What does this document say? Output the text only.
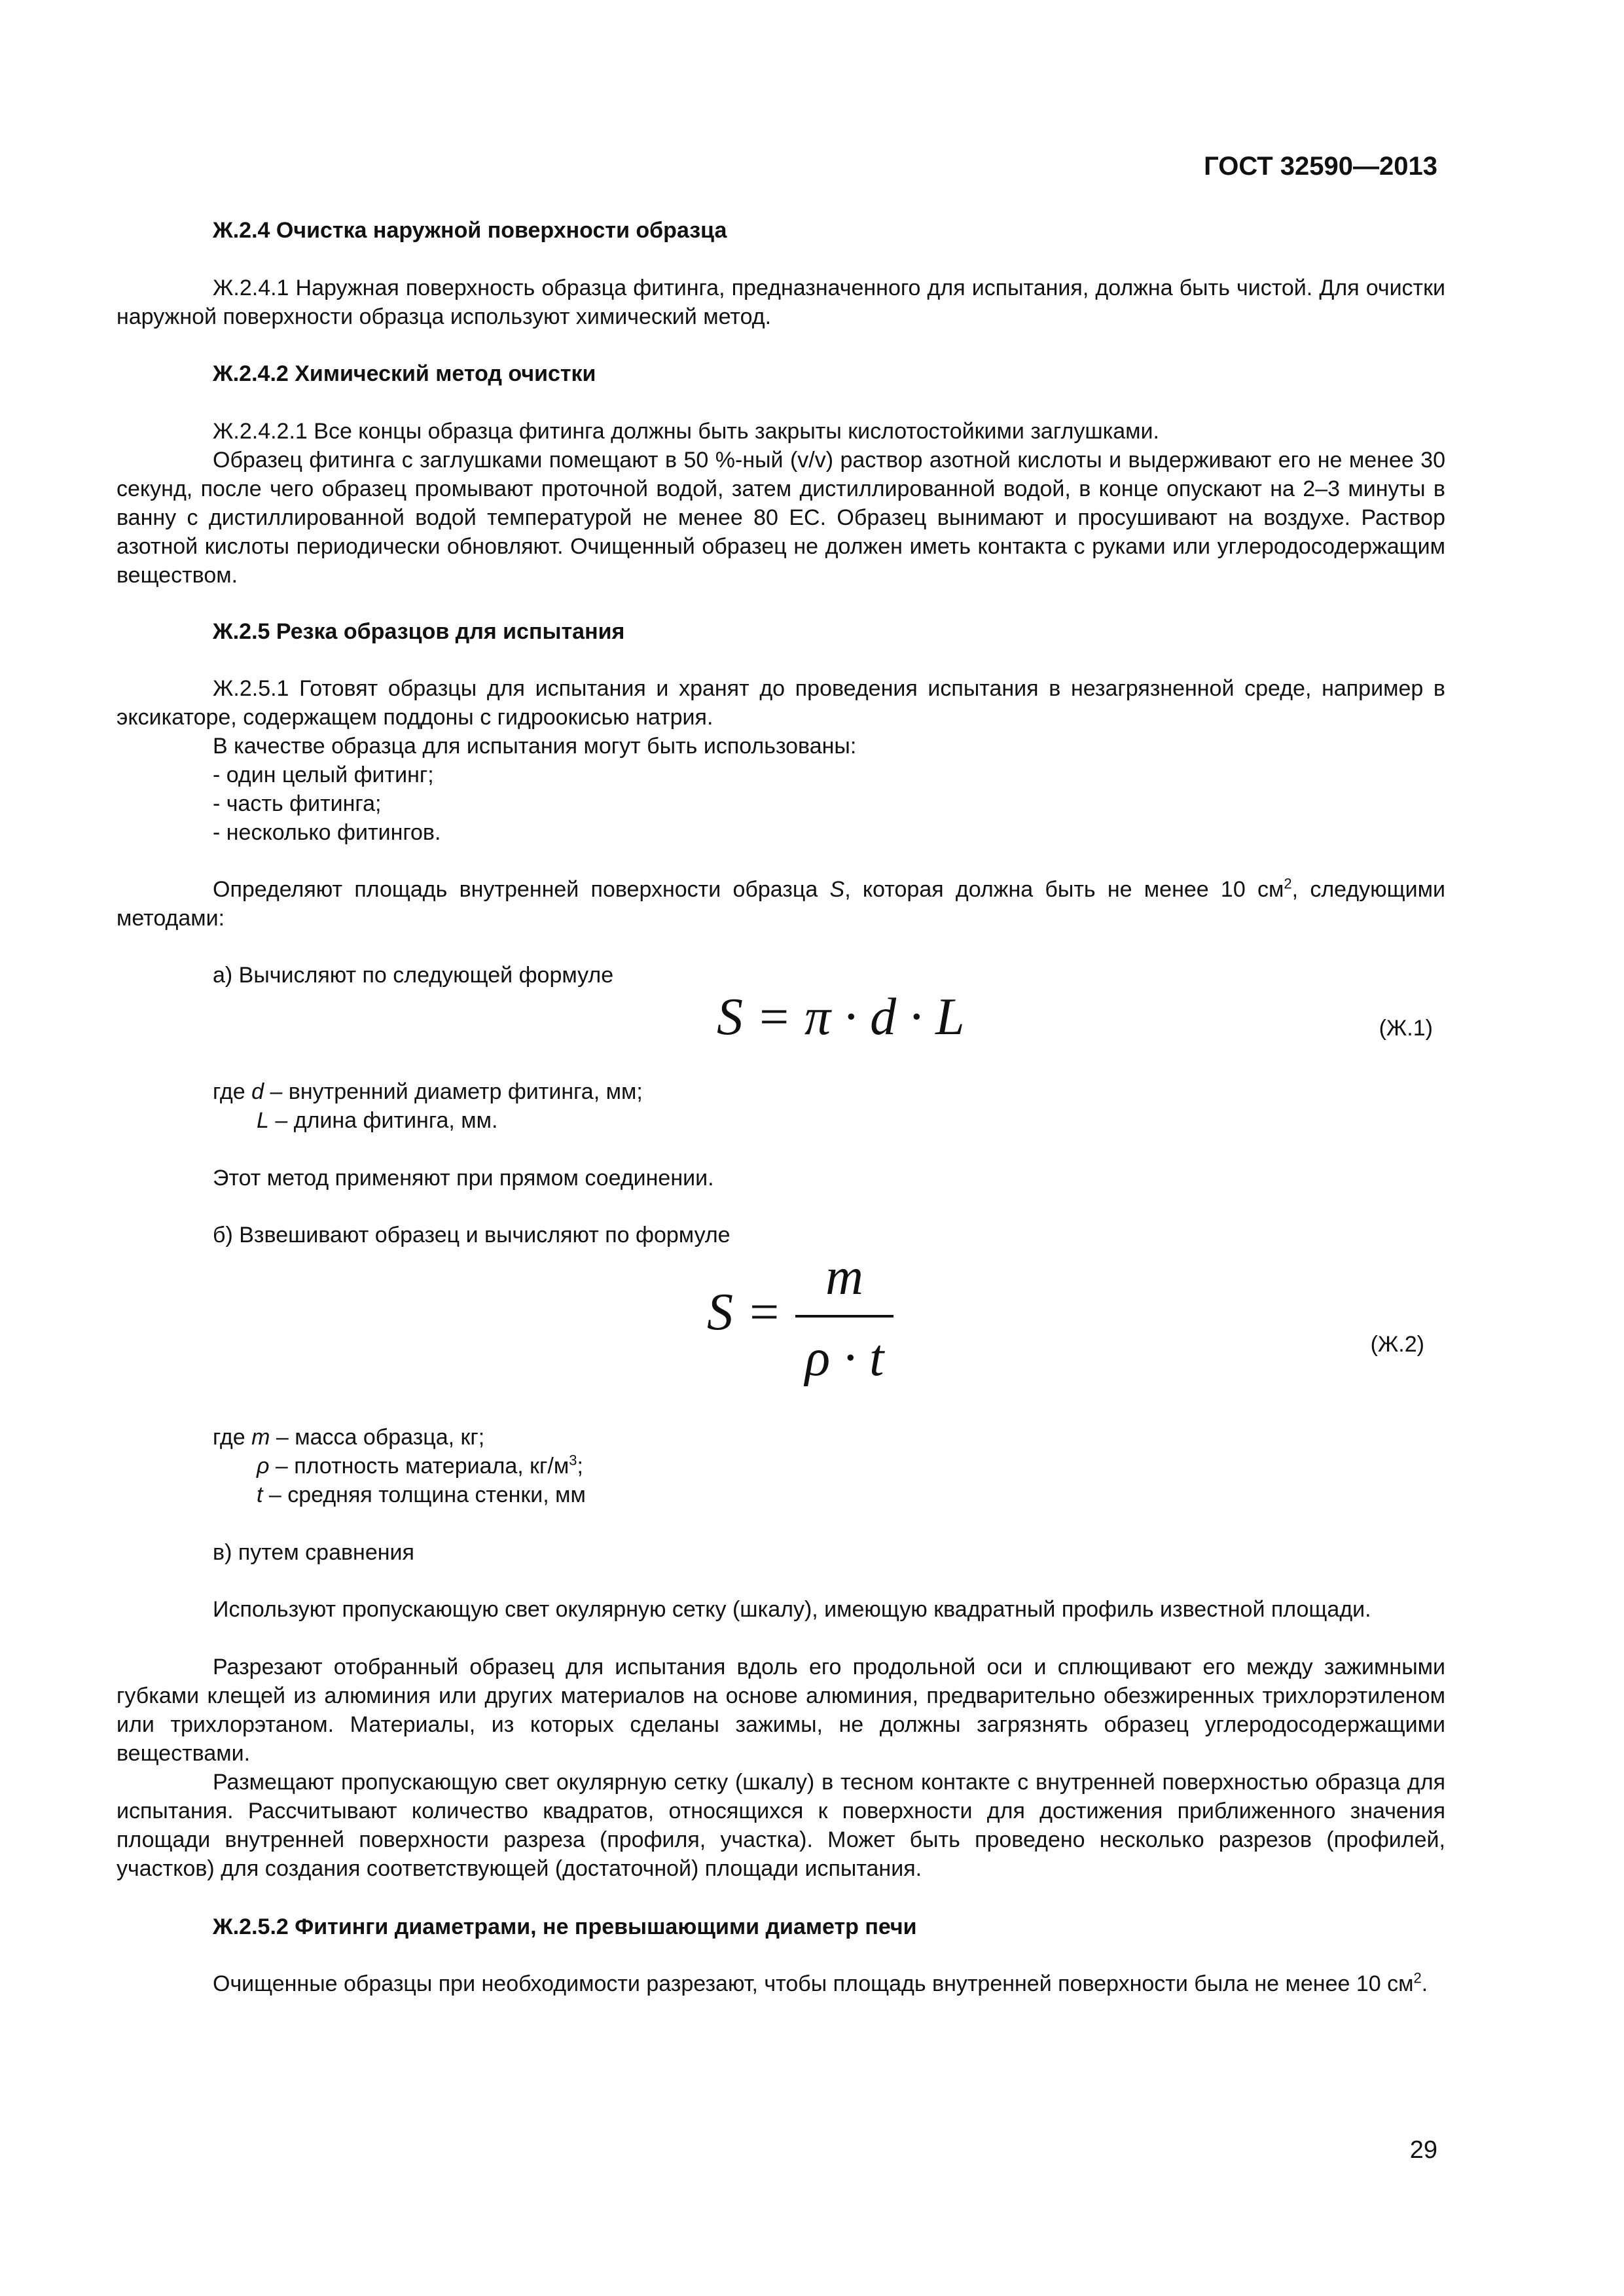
ГОСТ 32590—2013
Ж.2.4 Очистка наружной поверхности образца
Ж.2.4.1 Наружная поверхность образца фитинга, предназначенного для испытания, должна быть чистой. Для очистки наружной поверхности образца используют химический метод.
Ж.2.4.2 Химический метод очистки
Ж.2.4.2.1 Все концы образца фитинга должны быть закрыты кислотостойкими заглушками.
Образец фитинга с заглушками помещают в 50 %-ный (v/v) раствор азотной кислоты и выдерживают его не менее 30 секунд, после чего образец промывают проточной водой, затем дистиллированной водой, в конце опускают на 2–3 минуты в ванну с дистиллированной водой температурой не менее 80 ЕС. Образец вынимают и просушивают на воздухе. Раствор азотной кислоты периодически обновляют. Очищенный образец не должен иметь контакта с руками или углеродосодержащим веществом.
Ж.2.5 Резка образцов для испытания
Ж.2.5.1 Готовят образцы для испытания и хранят до проведения испытания в незагрязненной среде, например в эксикаторе, содержащем поддоны с гидроокисью натрия.
В качестве образца для испытания могут быть использованы:
- один целый фитинг;
- часть фитинга;
- несколько фитингов.
Определяют площадь внутренней поверхности образца S, которая должна быть не менее 10 $см^2$, следующими методами:
а) Вычисляют по следующей формуле
S = π · d · L	(Ж.1)
где d – внутренний диаметр фитинга, мм;
L – длина фитинга, мм.
Этот метод применяют при прямом соединении.
б) Взвешивают образец и вычисляют по формуле
S =
m
ρ · t	(Ж.2)
где m – масса образца, кг;
ρ – плотность материала, $кг/м^3$;
t – средняя толщина стенки, мм
в) путем сравнения
Используют пропускающую свет окулярную сетку (шкалу), имеющую квадратный профиль известной площади.
Разрезают отобранный образец для испытания вдоль его продольной оси и сплющивают его между зажимными губками клещей из алюминия или других материалов на основе алюминия, предварительно обезжиренных трихлорэтиленом или трихлорэтаном. Материалы, из которых сделаны зажимы, не должны загрязнять образец углеродосодержащими веществами.
Размещают пропускающую свет окулярную сетку (шкалу) в тесном контакте с внутренней поверхностью образца для испытания. Рассчитывают количество квадратов, относящихся к поверхности для достижения приближенного значения площади внутренней поверхности разреза (профиля, участка). Может быть проведено несколько разрезов (профилей, участков) для создания соответствующей (достаточной) площади испытания.
Ж.2.5.2 Фитинги диаметрами, не превышающими диаметр печи
Очищенные образцы при необходимости разрезают, чтобы площадь внутренней поверхности была не менее 10 $см^2$.
29
